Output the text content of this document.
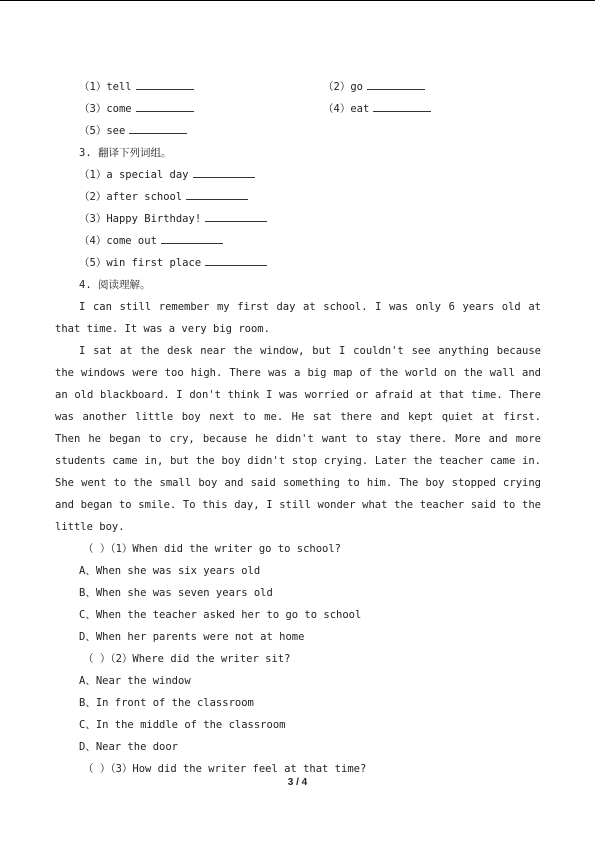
（1）tell	（2）go
（3）come	（4）eat
（5）see
3. 翻译下列词组。
（1）a special day
（2）after school
（3）Happy Birthday!
（4）come out
（5）win first place
4. 阅读理解。
I can still remember my first day at school. I was only 6 years old at that time. It was a very big room.
I sat at the desk near the window, but I couldn't see anything because the windows were too high. There was a big map of the world on the wall and an old blackboard. I don't think I was worried or afraid at that time. There was another little boy next to me. He sat there and kept quiet at first. Then he began to cry, because he didn't want to stay there. More and more students came in, but the boy didn't stop crying. Later the teacher came in. She went to the small boy and said something to him. The boy stopped crying and began to smile. To this day, I still wonder what the teacher said to the little boy.
（ ）（1）When did the writer go to school?
A、When she was six years old
B、When she was seven years old
C、When the teacher asked her to go to school
D、When her parents were not at home
（ ）（2）Where did the writer sit?
A、Near the window
B、In front of the classroom
C、In the middle of the classroom
D、Near the door
（ ）（3）How did the writer feel at that time?
3 / 4
